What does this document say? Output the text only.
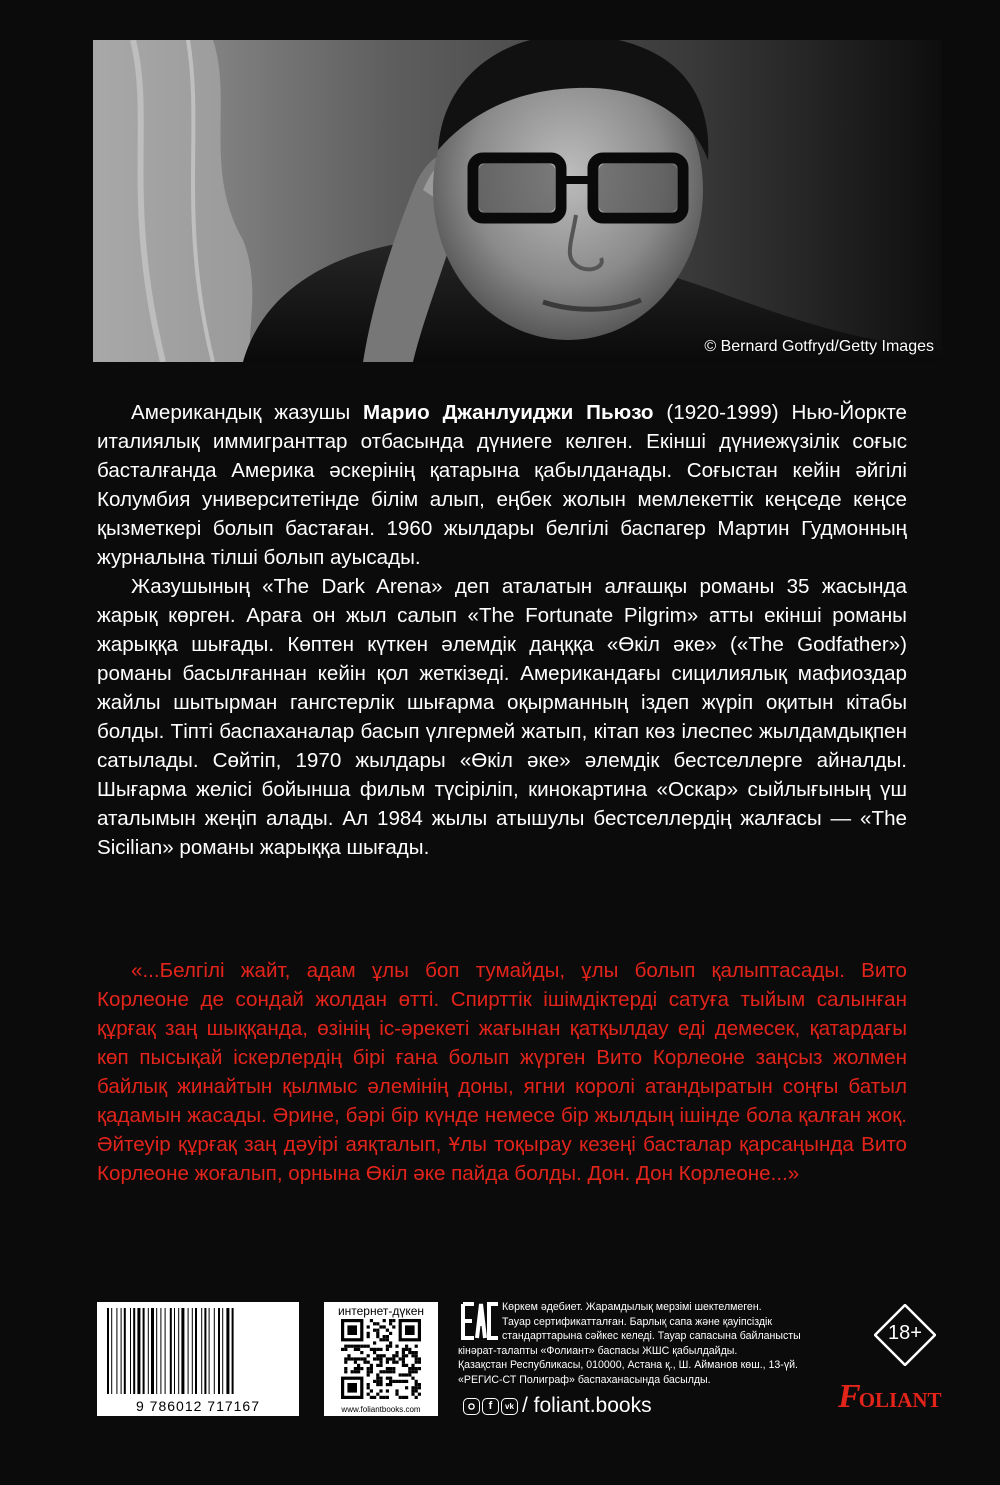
© Bernard Gotfryd/Getty Images

Американдық жазушы Марио Джанлуиджи Пьюзо (1920-1999) Нью-Йоркте италиялық иммигранттар отбасында дүниеге келген. Екінші дүниежүзілік соғыс басталғанда Америка әскерінің қатарына қабылданады. Соғыстан кейін әйгілі Колумбия университетінде білім алып, еңбек жолын мемлекеттік кеңседе кеңсе қызметкері болып бастаған. 1960 жылдары белгілі баспагер Мартин Гудмонның журналына тілші болып ауысады.

Жазушының «The Dark Arena» деп аталатын алғашқы романы 35 жасында жарық көрген. Араға он жыл салып «The Fortunate Pilgrim» атты екінші романы жарыққа шығады. Көптен күткен әлемдік даңққа «Өкіл әке» («The Godfather») романы басылғаннан кейін қол жеткізеді. Американдағы сицилиялық мафиоздар жайлы шытырман гангстерлік шығарма оқырманның іздеп жүріп оқитын кітабы болды. Тіпті баспаханалар басып үлгермей жатып, кітап көз ілеспес жылдамдықпен сатылады. Сөйтіп, 1970 жылдары «Өкіл әке» әлемдік бестселлерге айналды. Шығарма желісі бойынша фильм түсіріліп, кинокартина «Оскар» сыйлығының үш аталымын жеңіп алады. Ал 1984 жылы атышулы бестселлердің жалғасы — «The Sicilian» романы жарыққа шығады.

«...Белгілі жайт, адам ұлы боп тумайды, ұлы болып қалыптасады. Вито Корлеоне де сондай жолдан өтті. Спирттік ішімдіктерді сатуға тыйым салынған құрғақ заң шыққанда, өзінің іс-әрекеті жағынан қатқылдау еді демесек, қатардағы көп пысықай іскерлердің бірі ғана болып жүрген Вито Корлеоне заңсыз жолмен байлық жинайтын қылмыс әлемінің доны, ягни королі атандыратын соңғы батыл қадамын жасады. Әрине, бәрі бір күнде немесе бір жылдың ішінде бола қалған жоқ. Әйтеуір құрғақ заң дәуірі аяқталып, Ұлы тоқырау кезеңі басталар қарсаңында Вито Корлеоне жоғалып, орнына Өкіл әке пайда болды. Дон. Дон Корлеоне...»

9 786012 717167
интернет-дүкен
www.foliantbooks.com
Көркем әдебиет. Жарамдылық мерзімі шектелмеген.
Тауар сертификатталған. Барлық сапа және қауіпсіздік
стандарттарына сәйкес келеді. Тауар сапасына байланысты
кінәрат-талапты «Фолиант» баспасы ЖШС қабылдайды.
Қазақстан Республикасы, 010000, Астана қ., Ш. Айманов көш., 13-үй.
«РЕГИС-СТ Полиграф» баспаханасында басылды.
f	vk / foliant.books
18+
F
OLIANT
